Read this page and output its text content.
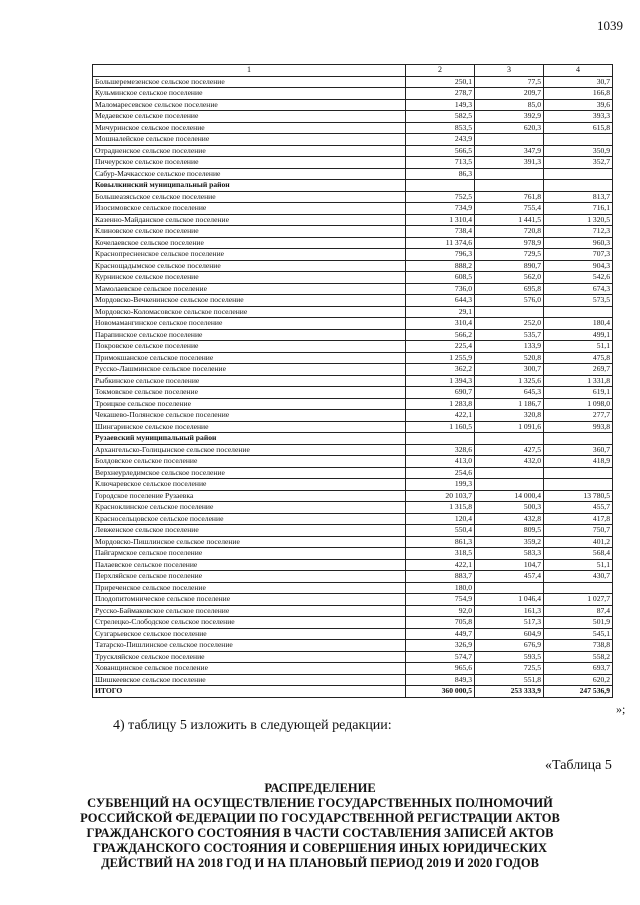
1039
1	2	3	4
Большеремезенское сельское поселение	250,1	77,5	30,7
Кульминское сельское поселение	278,7	209,7	166,8
Маломаресевское сельское поселение	149,3	85,0	39,6
Медаевское сельское поселение	582,5	392,9	393,3
Мичуринское сельское поселение	853,5	620,3	615,8
Мошналейское сельское поселение	243,9		
Отрадненское сельское поселение	566,5	347,9	350,9
Пичеурское сельское поселение	713,5	391,3	352,7
Сабур-Мачкасское сельское поселение	86,3		
Ковылкинский муниципальный район			
Большеазясьское сельское поселение	752,5	761,8	813,7
Изосимовское сельское поселение	734,9	755,4	716,1
Казенно-Майданское сельское поселение	1 310,4	1 441,5	1 320,5
Клиновское сельское поселение	738,4	720,8	712,3
Кочелаевское сельское поселение	11 374,6	978,9	960,3
Краснопресненское сельское поселение	796,3	729,5	707,3
Краснощадымское сельское поселение	888,2	890,7	904,3
Курнинское сельское поселение	608,5	562,0	542,6
Мамолаевское сельское поселение	736,0	695,8	674,3
Мордовско-Вечкенинское сельское поселение	644,3	576,0	573,5
Мордовско-Коломасовское сельское поселение	29,1		
Новомамангинское сельское поселение	310,4	252,0	180,4
Парапинское сельское поселение	566,2	535,7	499,1
Покровское сельское поселение	225,4	133,9	51,1
Примокшанское сельское поселение	1 255,9	520,8	475,8
Русско-Лашминское сельское поселение	362,2	300,7	269,7
Рыбкинское сельское поселение	1 394,3	1 325,6	1 331,8
Токмовское сельское поселение	690,7	645,3	619,1
Троицкое сельское поселение	1 283,8	1 186,7	1 098,0
Чекашево-Полянское сельское поселение	422,1	320,8	277,7
Шингаринское сельское поселение	1 160,5	1 091,6	993,8
Рузаевский муниципальный район			
Архангельско-Голицынское сельское поселение	328,6	427,5	360,7
Болдовское сельское поселение	413,0	432,0	418,9
Верхнеурледимское сельское поселение	254,6		
Ключаревское сельское поселение	199,3		
Городское поселение Рузаевка	20 103,7	14 000,4	13 780,5
Красноклинское сельское поселение	1 315,8	500,3	455,7
Красносельцовское сельское поселение	120,4	432,8	417,8
Левженское сельское поселение	550,4	809,5	750,7
Мордовско-Пишлинское сельское поселение	861,3	359,2	401,2
Пайгармское сельское поселение	318,5	583,3	568,4
Палаевское сельское поселение	422,1	104,7	51,1
Перхляйское сельское поселение	883,7	457,4	430,7
Приреченское сельское поселение	180,0		
Плодопитомническое сельское поселение	754,9	1 046,4	1 027,7
Русско-Баймаковское сельское поселение	92,0	161,3	87,4
Стрелецко-Слободское сельское поселение	705,8	517,3	501,9
Сузгарьевское сельское поселение	449,7	604,9	545,1
Татарско-Пишлинское сельское поселение	326,9	676,9	738,8
Трускляйское сельское поселение	574,7	593,5	558,2
Хованщинское сельское поселение	965,6	725,5	693,7
Шишкеевское сельское поселение	849,3	551,8	620,2
ИТОГО	360 000,5	253 333,9	247 536,9
»;
4) таблицу 5 изложить в следующей редакции:
«Таблица 5
РАСПРЕДЕЛЕНИЕ
СУБВЕНЦИЙ НА ОСУЩЕСТВЛЕНИЕ ГОСУДАРСТВЕННЫХ ПОЛНОМОЧИЙ
РОССИЙСКОЙ ФЕДЕРАЦИИ ПО ГОСУДАРСТВЕННОЙ РЕГИСТРАЦИИ АКТОВ
ГРАЖДАНСКОГО СОСТОЯНИЯ В ЧАСТИ СОСТАВЛЕНИЯ ЗАПИСЕЙ АКТОВ
ГРАЖДАНСКОГО СОСТОЯНИЯ И СОВЕРШЕНИЯ ИНЫХ ЮРИДИЧЕСКИХ
ДЕЙСТВИЙ НА 2018 ГОД И НА ПЛАНОВЫЙ ПЕРИОД 2019 И 2020 ГОДОВ
